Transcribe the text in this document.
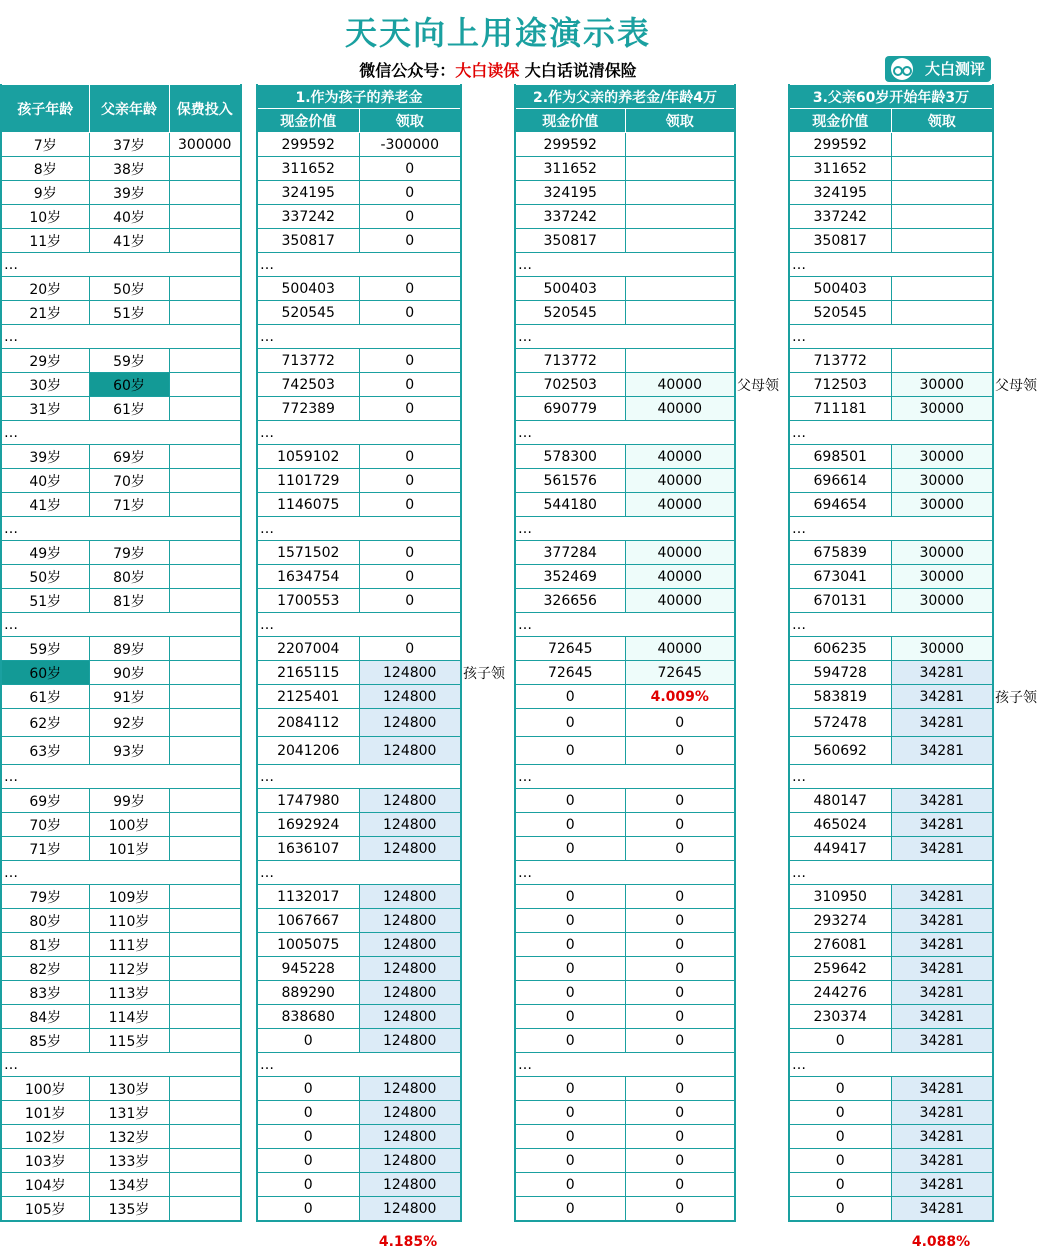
天天向上用途演示表
微信公众号：大白读保 大白话说清保险	大白测评
孩子年龄	父亲年龄	保费投入
7岁	37岁	300000
8岁	38岁	
9岁	39岁	
10岁	40岁	
11岁	41岁	
…		
20岁	50岁	
21岁	51岁	
…		
29岁	59岁	
30岁	60岁	
31岁	61岁	
…		
39岁	69岁	
40岁	70岁	
41岁	71岁	
…		
49岁	79岁	
50岁	80岁	
51岁	81岁	
…		
59岁	89岁	
60岁	90岁	
61岁	91岁	
62岁	92岁	
63岁	93岁	
…		
69岁	99岁	
70岁	100岁	
71岁	101岁	
…		
79岁	109岁	
80岁	110岁	
81岁	111岁	
82岁	112岁	
83岁	113岁	
84岁	114岁	
85岁	115岁	
…		
100岁	130岁	
101岁	131岁	
102岁	132岁	
103岁	133岁	
104岁	134岁	
105岁	135岁	
1.作为孩子的养老金	
现金价值	领取
299592	-300000
311652	0
324195	0
337242	0
350817	0
…	
500403	0
520545	0
…	
713772	0
742503	0
772389	0
…	
1059102	0
1101729	0
1146075	0
…	
1571502	0
1634754	0
1700553	0
…	
2207004	0
2165115	124800
2125401	124800
2084112	124800
2041206	124800
…	
1747980	124800
1692924	124800
1636107	124800
…	
1132017	124800
1067667	124800
1005075	124800
945228	124800
889290	124800
838680	124800
0	124800
…	
0	124800
0	124800
0	124800
0	124800
0	124800
0	124800
2.作为父亲的养老金/年龄4万	
现金价值	领取
299592	
311652	
324195	
337242	
350817	
…	
500403	
520545	
…	
713772	
702503	40000
690779	40000
…	
578300	40000
561576	40000
544180	40000
…	
377284	40000
352469	40000
326656	40000
…	
72645	40000
72645	72645
0	4.009%
0	0
0	0
…	
0	0
0	0
0	0
…	
0	0
0	0
0	0
0	0
0	0
0	0
0	0
…	
0	0
0	0
0	0
0	0
0	0
0	0
3.父亲60岁开始年龄3万	
现金价值	领取
299592	
311652	
324195	
337242	
350817	
…	
500403	
520545	
…	
713772	
712503	30000
711181	30000
…	
698501	30000
696614	30000
694654	30000
…	
675839	30000
673041	30000
670131	30000
…	
606235	30000
594728	34281
583819	34281
572478	34281
560692	34281
…	
480147	34281
465024	34281
449417	34281
…	
310950	34281
293274	34281
276081	34281
259642	34281
244276	34281
230374	34281
0	34281
…	
0	34281
0	34281
0	34281
0	34281
0	34281
0	34281
父母领	父母领
孩子领
孩子领
4.185%	4.088%
